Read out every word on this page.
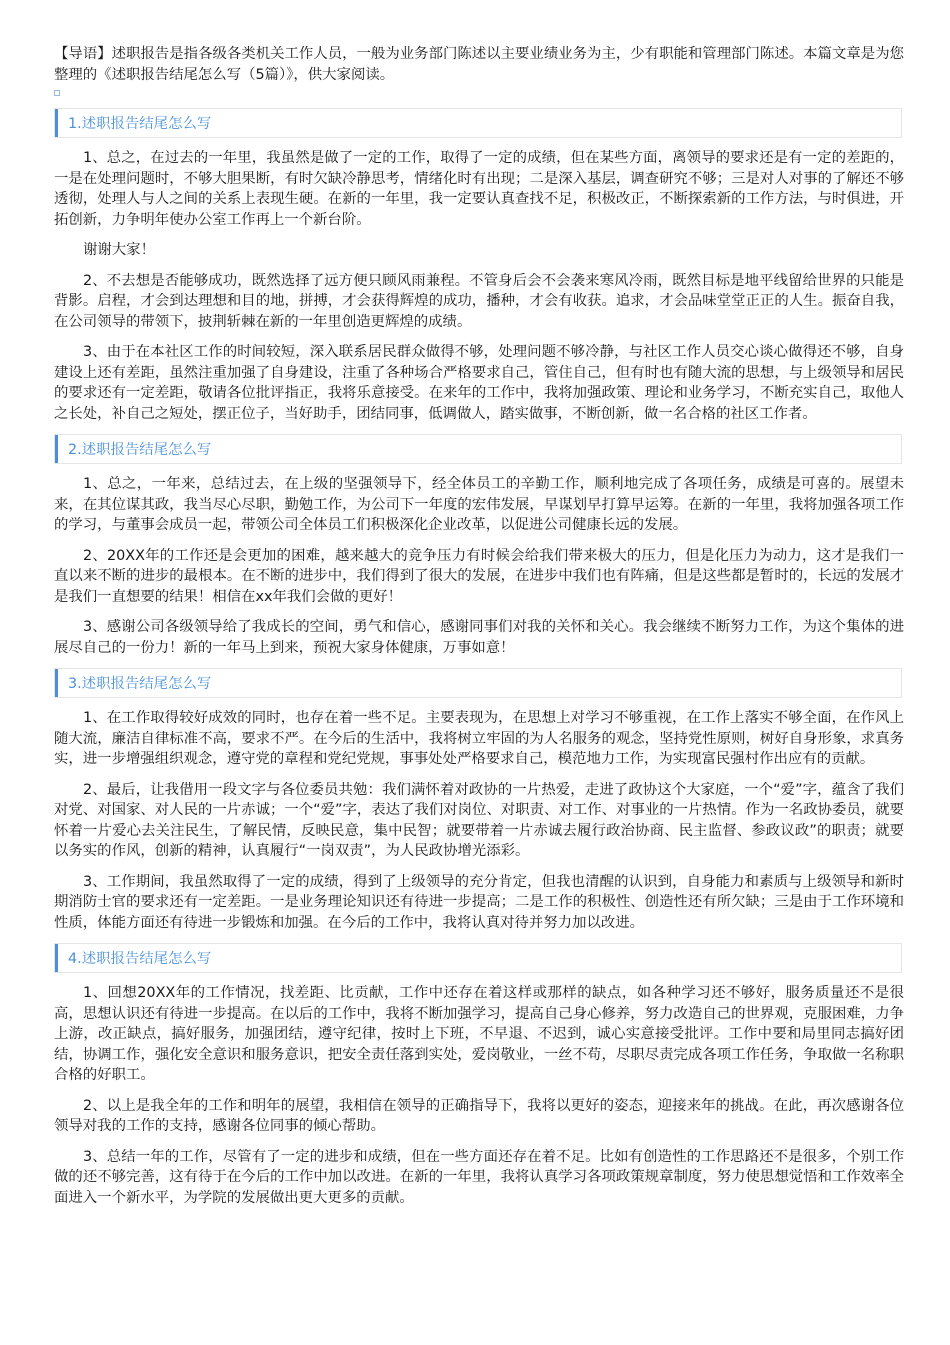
【导语】述职报告是指各级各类机关工作人员，一般为业务部门陈述以主要业绩业务为主，少有职能和管理部门陈述。本篇文章是为您整理的《述职报告结尾怎么写（5篇）》，供大家阅读。

1.述职报告结尾怎么写

1、总之，在过去的一年里，我虽然是做了一定的工作，取得了一定的成绩，但在某些方面，离领导的要求还是有一定的差距的，一是在处理问题时，不够大胆果断，有时欠缺冷静思考，情绪化时有出现；二是深入基层，调查研究不够；三是对人对事的了解还不够透彻，处理人与人之间的关系上表现生硬。在新的一年里，我一定要认真查找不足，积极改正，不断探索新的工作方法，与时俱进，开拓创新，力争明年使办公室工作再上一个新台阶。

谢谢大家！

2、不去想是否能够成功，既然选择了远方便只顾风雨兼程。不管身后会不会袭来寒风冷雨，既然目标是地平线留给世界的只能是背影。启程，才会到达理想和目的地，拼搏，才会获得辉煌的成功，播种，才会有收获。追求，才会品味堂堂正正的人生。振奋自我，在公司领导的带领下，披荆斩棘在新的一年里创造更辉煌的成绩。

3、由于在本社区工作的时间较短，深入联系居民群众做得不够，处理问题不够冷静，与社区工作人员交心谈心做得还不够，自身建设上还有差距，虽然注重加强了自身建设，注重了各种场合严格要求自己，管住自己，但有时也有随大流的思想，与上级领导和居民的要求还有一定差距，敬请各位批评指正，我将乐意接受。在来年的工作中，我将加强政策、理论和业务学习，不断充实自己，取他人之长处，补自己之短处，摆正位子，当好助手，团结同事，低调做人，踏实做事，不断创新，做一名合格的社区工作者。

2.述职报告结尾怎么写

1、总之，一年来，总结过去，在上级的坚强领导下，经全体员工的辛勤工作，顺利地完成了各项任务，成绩是可喜的。展望未来，在其位谋其政，我当尽心尽职，勤勉工作，为公司下一年度的宏伟发展，早谋划早打算早运筹。在新的一年里，我将加强各项工作的学习，与董事会成员一起，带领公司全体员工们积极深化企业改革，以促进公司健康长远的发展。

2、20XX年的工作还是会更加的困难，越来越大的竞争压力有时候会给我们带来极大的压力，但是化压力为动力，这才是我们一直以来不断的进步的最根本。在不断的进步中，我们得到了很大的发展，在进步中我们也有阵痛，但是这些都是暂时的，长远的发展才是我们一直想要的结果！相信在xx年我们会做的更好！

3、感谢公司各级领导给了我成长的空间，勇气和信心，感谢同事们对我的关怀和关心。我会继续不断努力工作，为这个集体的进展尽自己的一份力！新的一年马上到来，预祝大家身体健康，万事如意！

3.述职报告结尾怎么写

1、在工作取得较好成效的同时，也存在着一些不足。主要表现为，在思想上对学习不够重视，在工作上落实不够全面，在作风上随大流，廉洁自律标准不高，要求不严。在今后的生活中，我将树立牢固的为人名服务的观念，坚持党性原则，树好自身形象，求真务实，进一步增强组织观念，遵守党的章程和党纪党规，事事处处严格要求自己，模范地力工作，为实现富民强村作出应有的贡献。

2、最后，让我借用一段文字与各位委员共勉：我们满怀着对政协的一片热爱，走进了政协这个大家庭，一个“爱”字，蕴含了我们对党、对国家、对人民的一片赤诚；一个“爱”字，表达了我们对岗位、对职责、对工作、对事业的一片热情。作为一名政协委员，就要怀着一片爱心去关注民生，了解民情，反映民意，集中民智；就要带着一片赤诚去履行政治协商、民主监督、参政议政”的职责；就要以务实的作风，创新的精神，认真履行“一岗双责”，为人民政协增光添彩。

3、工作期间，我虽然取得了一定的成绩，得到了上级领导的充分肯定，但我也清醒的认识到，自身能力和素质与上级领导和新时期消防士官的要求还有一定差距。一是业务理论知识还有待进一步提高；二是工作的积极性、创造性还有所欠缺；三是由于工作环境和性质，体能方面还有待进一步锻炼和加强。在今后的工作中，我将认真对待并努力加以改进。

4.述职报告结尾怎么写

1、回想20XX年的工作情况，找差距、比贡献，工作中还存在着这样或那样的缺点，如各种学习还不够好，服务质量还不是很高，思想认识还有待进一步提高。在以后的工作中，我将不断加强学习，提高自己身心修养，努力改造自己的世界观，克服困难，力争上游，改正缺点，搞好服务，加强团结，遵守纪律，按时上下班，不早退、不迟到，诚心实意接受批评。工作中要和局里同志搞好团结，协调工作，强化安全意识和服务意识，把安全责任落到实处，爱岗敬业，一丝不苟，尽职尽责完成各项工作任务，争取做一名称职合格的好职工。

2、以上是我全年的工作和明年的展望，我相信在领导的正确指导下，我将以更好的姿态，迎接来年的挑战。在此，再次感谢各位领导对我的工作的支持，感谢各位同事的倾心帮助。

3、总结一年的工作，尽管有了一定的进步和成绩，但在一些方面还存在着不足。比如有创造性的工作思路还不是很多，个别工作做的还不够完善，这有待于在今后的工作中加以改进。在新的一年里，我将认真学习各项政策规章制度，努力使思想觉悟和工作效率全面进入一个新水平，为学院的发展做出更大更多的贡献。
